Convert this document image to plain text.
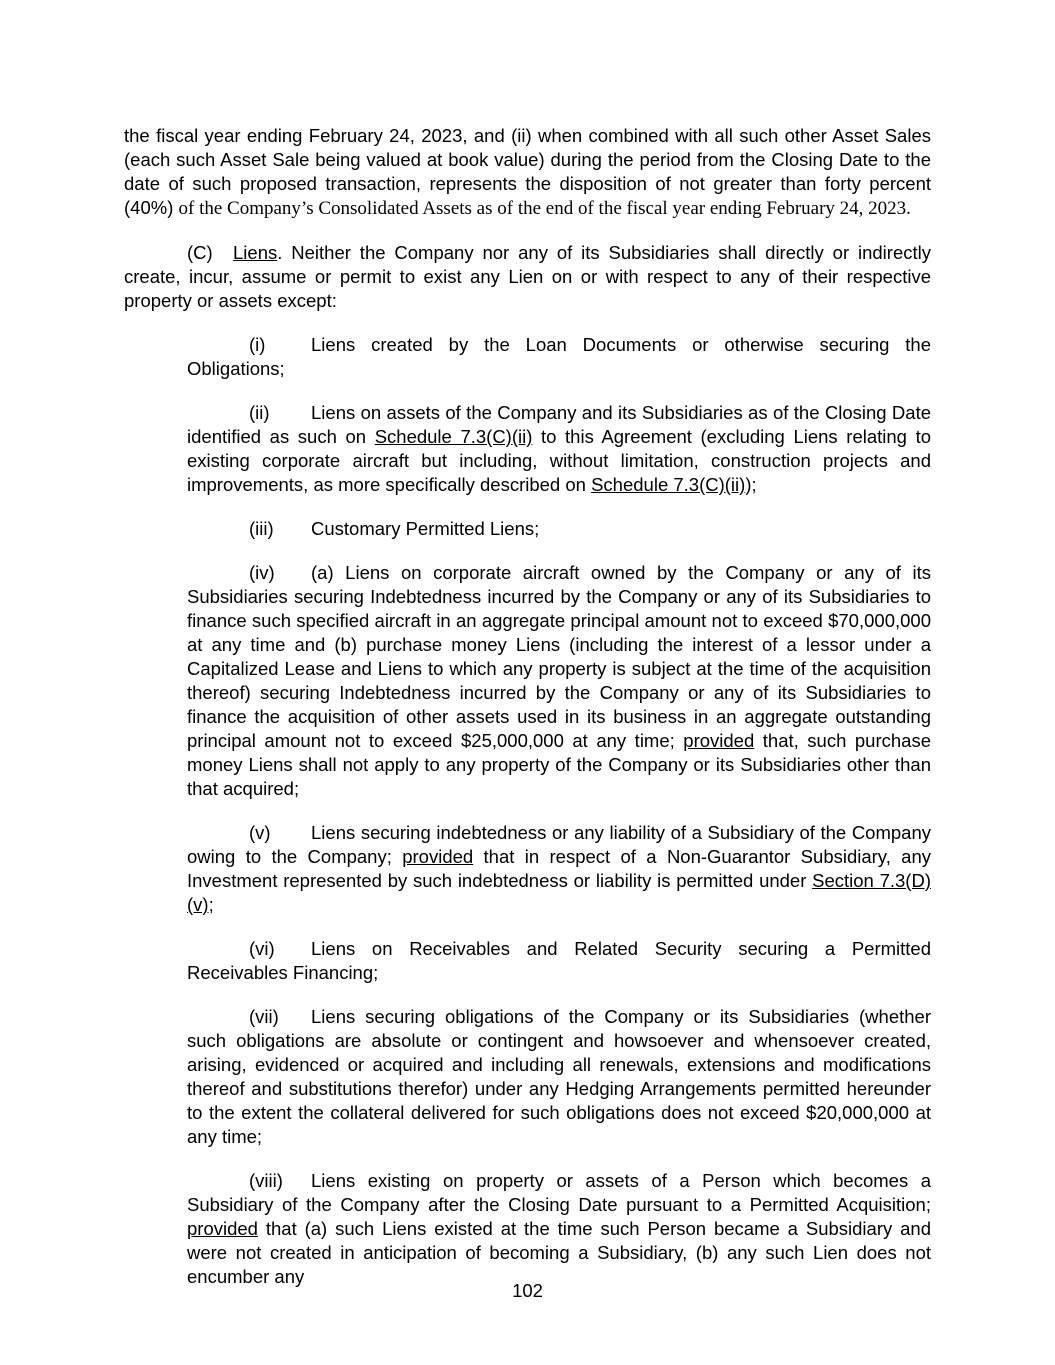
the fiscal year ending February 24, 2023, and (ii) when combined with all such other Asset Sales (each such Asset Sale being valued at book value) during the period from the Closing Date to the date of such proposed transaction, represents the disposition of not greater than forty percent (40%) of the Company’s Consolidated Assets as of the end of the fiscal year ending February 24, 2023.

(C) Liens. Neither the Company nor any of its Subsidiaries shall directly or indirectly create, incur, assume or permit to exist any Lien on or with respect to any of their respective property or assets except:

(i) Liens created by the Loan Documents or otherwise securing the Obligations;

(ii) Liens on assets of the Company and its Subsidiaries as of the Closing Date identified as such on Schedule 7.3(C)(ii) to this Agreement (excluding Liens relating to existing corporate aircraft but including, without limitation, construction projects and improvements, as more specifically described on Schedule 7.3(C)(ii));

(iii) Customary Permitted Liens;

(iv) (a) Liens on corporate aircraft owned by the Company or any of its Subsidiaries securing Indebtedness incurred by the Company or any of its Subsidiaries to finance such specified aircraft in an aggregate principal amount not to exceed $70,000,000 at any time and (b) purchase money Liens (including the interest of a lessor under a Capitalized Lease and Liens to which any property is subject at the time of the acquisition thereof) securing Indebtedness incurred by the Company or any of its Subsidiaries to finance the acquisition of other assets used in its business in an aggregate outstanding principal amount not to exceed $25,000,000 at any time; provided that, such purchase money Liens shall not apply to any property of the Company or its Subsidiaries other than that acquired;

(v) Liens securing indebtedness or any liability of a Subsidiary of the Company owing to the Company; provided that in respect of a Non-Guarantor Subsidiary, any Investment represented by such indebtedness or liability is permitted under Section 7.3(D)(v);

(vi) Liens on Receivables and Related Security securing a Permitted Receivables Financing;

(vii) Liens securing obligations of the Company or its Subsidiaries (whether such obligations are absolute or contingent and howsoever and whensoever created, arising, evidenced or acquired and including all renewals, extensions and modifications thereof and substitutions therefor) under any Hedging Arrangements permitted hereunder to the extent the collateral delivered for such obligations does not exceed $20,000,000 at any time;

(viii) Liens existing on property or assets of a Person which becomes a Subsidiary of the Company after the Closing Date pursuant to a Permitted Acquisition; provided that (a) such Liens existed at the time such Person became a Subsidiary and were not created in anticipation of becoming a Subsidiary, (b) any such Lien does not encumber any

102
